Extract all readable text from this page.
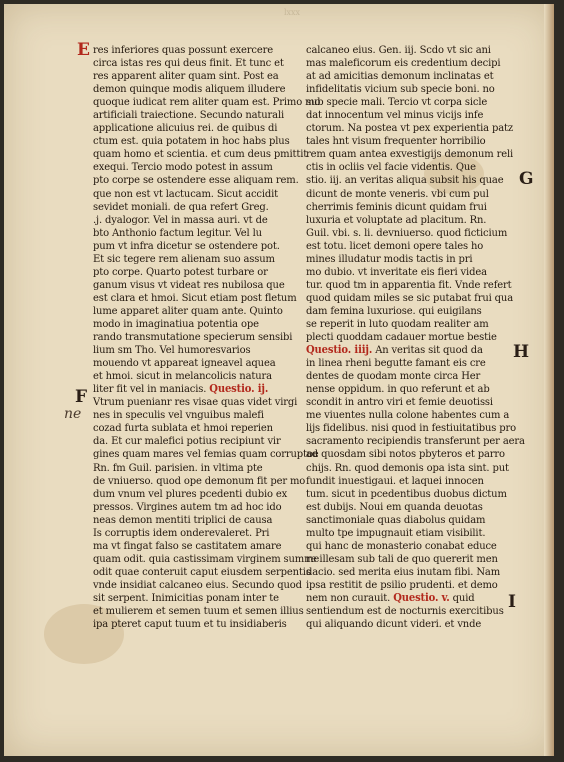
lxxx
E
F
ne
G
H
I
res inferiores quas possunt exercere
circa istas res qui deus finit. Et tunc et
res apparent aliter quam sint. Post ea
demon quinque modis aliquem illudere
quoque iudicat rem aliter quam est. Primo mo
artificiali traiectione. Secundo naturali
applicatione alicuius rei. de quibus di
ctum est. quia potatem in hoc habs plus
quam homo et scientia. et cum deus pmittit
exequi. Tercio modo potest in assum
pto corpe se ostendere esse aliquam rem.
que non est vt lactucam. Sicut accidit
sevidet moniali. de qua refert Greg.
.j. dyalogor. Vel in massa auri. vt de
bto Anthonio factum legitur. Vel lu
pum vt infra dicetur se ostendere pot.
Et sic tegere rem alienam suo assum
pto corpe. Quarto potest turbare or
ganum visus vt videat res nubilosa que
est clara et hmoi. Sicut etiam post fletum
lume apparet aliter quam ante. Quinto
modo in imaginatiua potentia ope
rando transmutatione specierum sensibi
lium sm Tho. Vel humoresvarios
mouendo vt appareat igneavel aquea
et hmoi. sicut in melancolicis natura
liter fit vel in maniacis. Questio. ij.
Vtrum puenianr res visae quas videt virgi
nes in speculis vel vnguibus malefi
cozad furta sublata et hmoi reperien
da. Et cur malefici potius recipiunt vir
gines quam mares vel femias quam corruptoe
Rn. fm Guil. parisien. in vltima pte
de vniuerso. quod ope demonum fit per mo
dum vnum vel plures pcedenti dubio ex
pressos. Virgines autem tm ad hoc ido
neas demon mentiti triplici de causa
Is corruptis idem onderevaleret. Pri
ma vt fingat falso se castitatem amare
quam odit. quia castissimam virginem summe
odit quae conteruit caput eiusdem serpentis
vnde insidiat calcaneo eius. Secundo quod
sit serpent. Inimicitias ponam inter te
et mulierem et semen tuum et semen illius
ipa pteret caput tuum et tu insidiaberis
calcaneo eius. Gen. iij. Scdo vt sic ani
mas maleficorum eis credentium decipi
at ad amicitias demonum inclinatas et
infidelitatis vicium sub specie boni. no
sub specie mali. Tercio vt corpa sicle
dat innocentum vel minus vicijs infe
ctorum. Na postea vt pex experientia patz
tales hnt visum frequenter horribilio
rem quam antea exvestigijs demonum reli
ctis in ocliis vel facie videntis. Que
stio. iij. an veritas aliqua subsit his quae
dicunt de monte veneris. vbi cum pul
cherrimis feminis dicunt quidam frui
luxuria et voluptate ad placitum. Rn.
Guil. vbi. s. li. devniuerso. quod ficticium
est totu. licet demoni opere tales ho
mines illudatur modis tactis in pri
mo dubio. vt inveritate eis fieri videa
tur. quod tm in apparentia fit. Vnde refert
quod quidam miles se sic putabat frui qua
dam femina luxuriose. qui euigilans
se reperit in luto quodam realiter am
plecti quoddam cadauer mortue bestie
Questio. iiij. An veritas sit quod da
in linea rheni begutte famant eis cre
dentes de quodam monte circa Her
nense oppidum. in quo referunt et ab
scondit in antro viri et femie deuotissi
me viuentes nulla colone habentes cum a
lijs fidelibus. nisi quod in festiuitatibus pro
sacramento recipiendis transferunt per aera
ad quosdam sibi notos pbyteros et parro
chijs. Rn. quod demonis opa ista sint. put
fundit inuestigaui. et laquei innocen
tum. sicut in pcedentibus duobus dictum
est dubijs. Noui em quanda deuotas
sanctimoniale quas diabolus quidam
multo tpe impugnauit etiam visibilit.
qui hanc de monasterio conabat educe
re illesam sub tali de quo quererit men
dacio. sed merita eius inutam fibi. Nam
ipsa restitit de psilio prudenti. et demo
nem non curauit. Questio. v. quid
sentiendum est de nocturnis exercitibus
qui aliquando dicunt videri. et vnde
